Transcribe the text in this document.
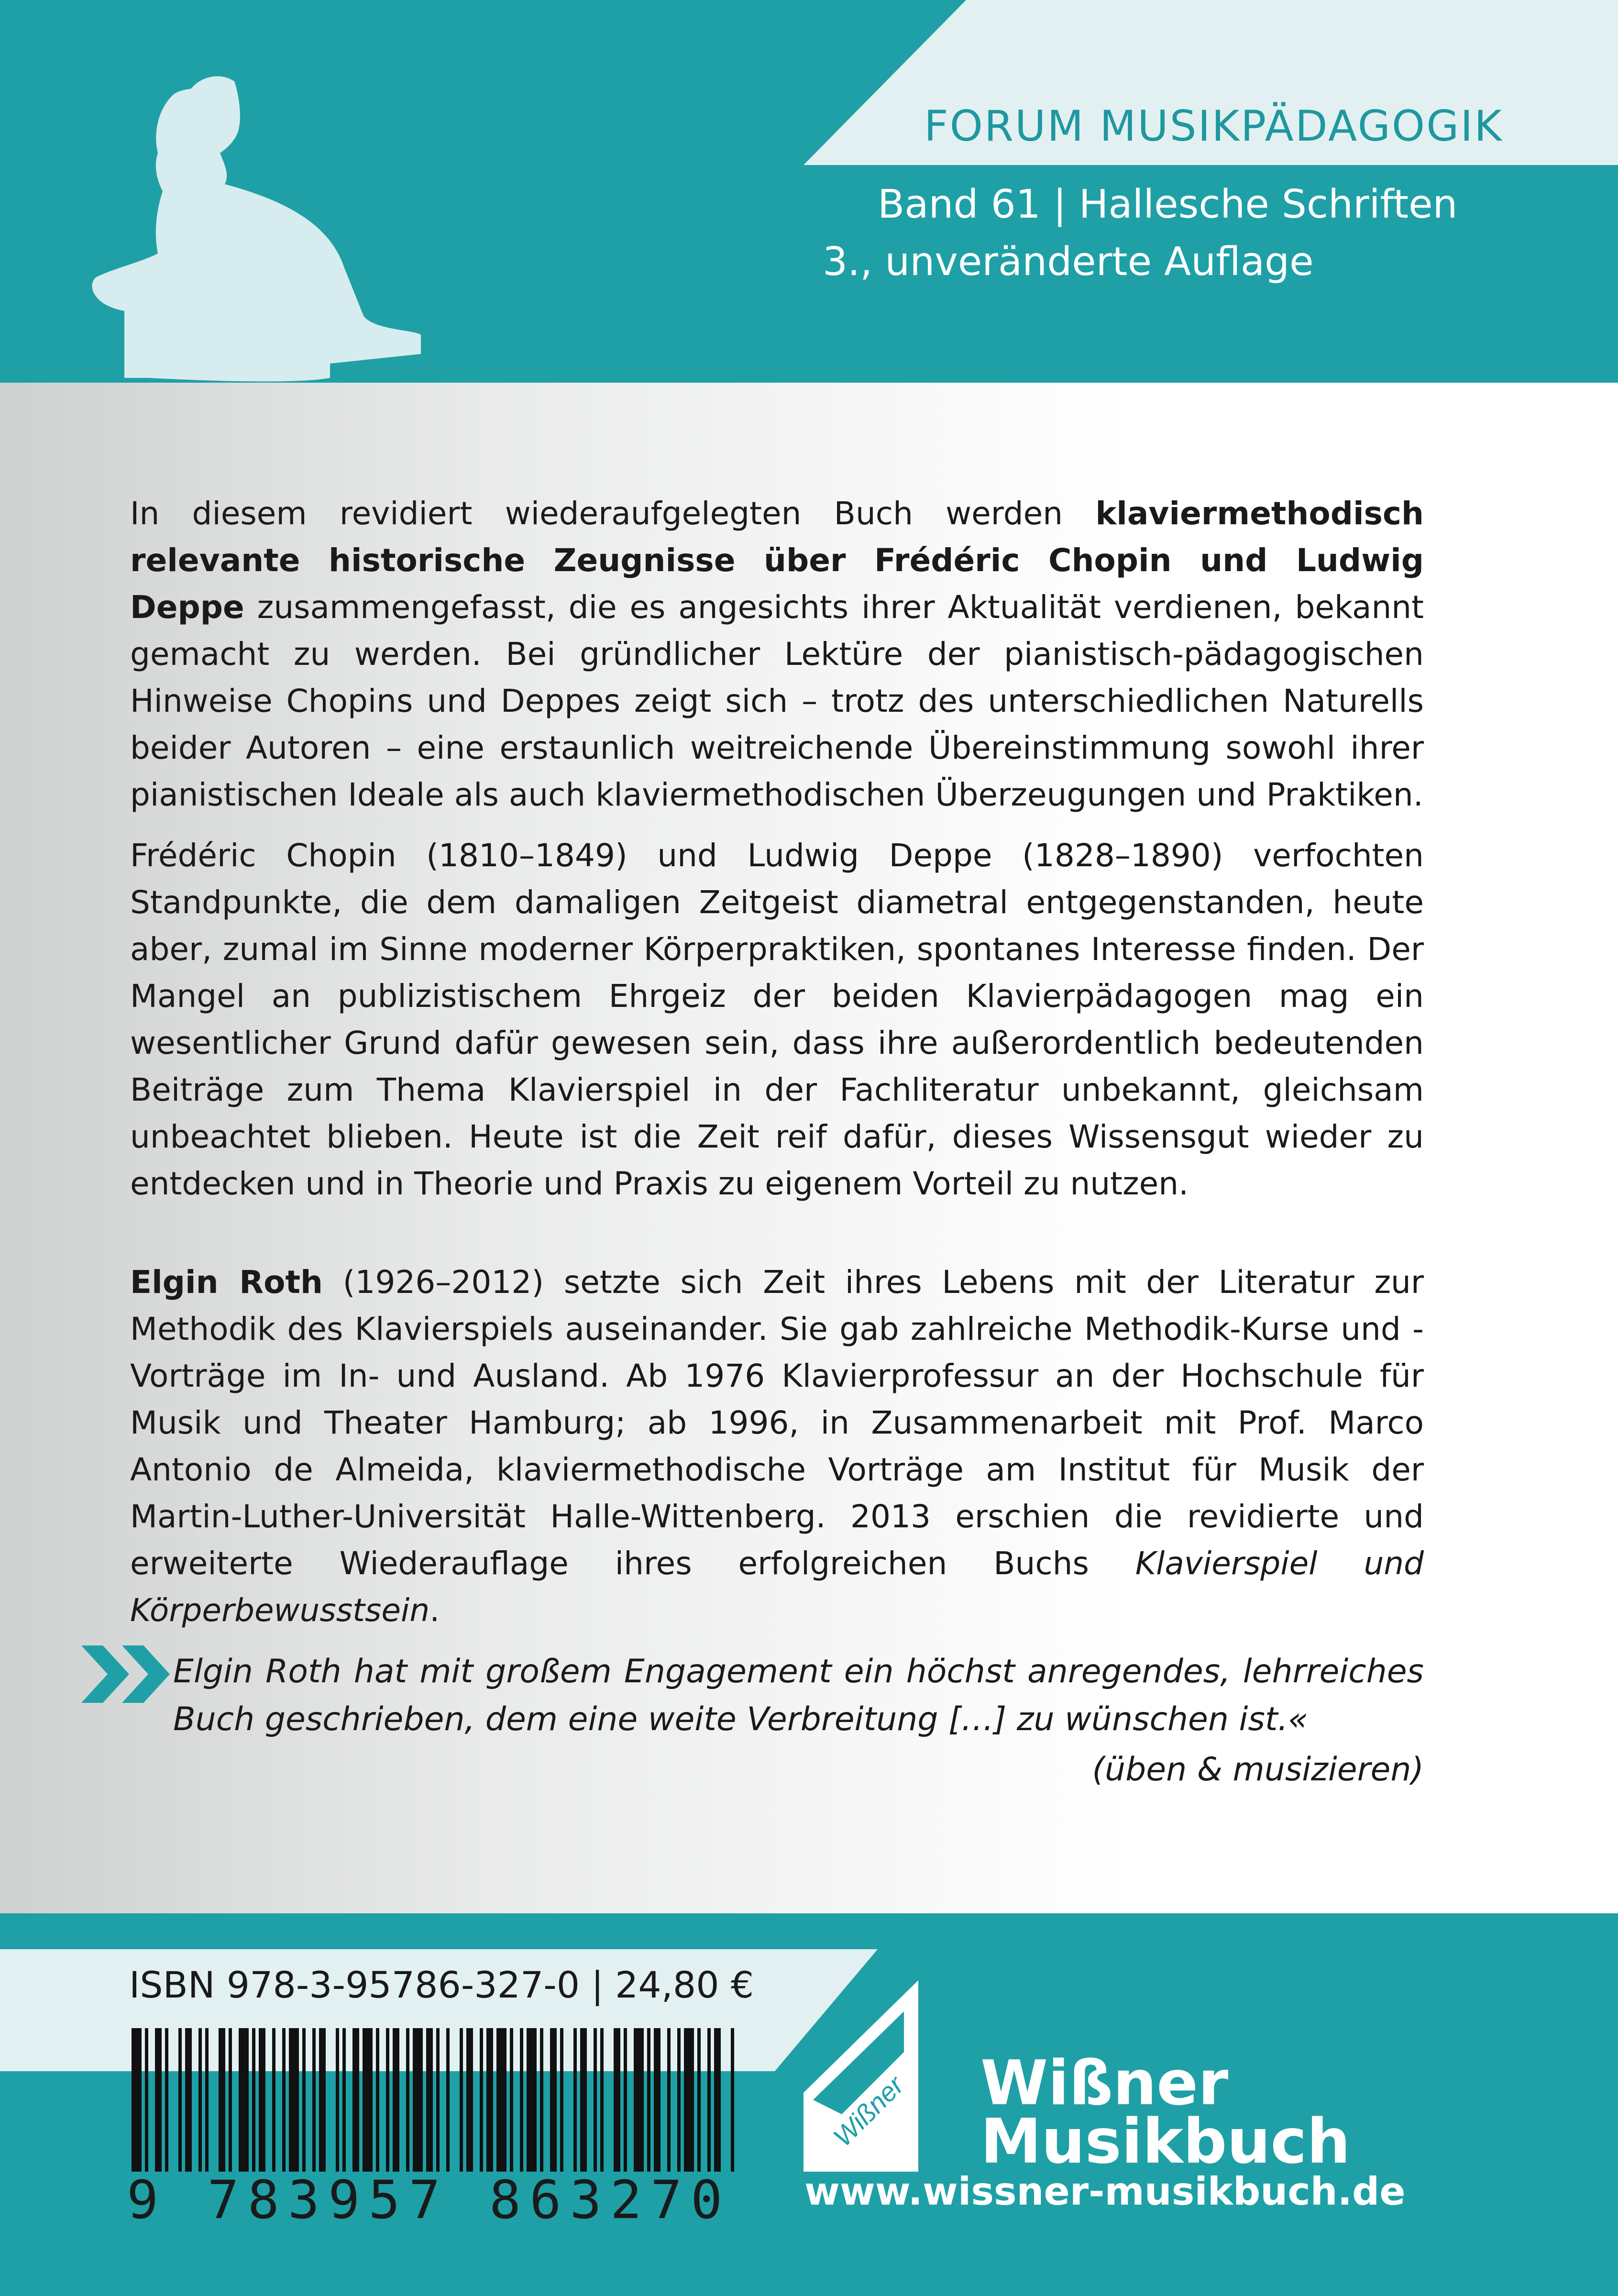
FORUM MUSIKPÄDAGOGIK
Band 61 | Hallesche Schriften
3., unveränderte Auflage

In diesem revidiert wiederaufgelegten Buch werden klaviermethodisch relevante historische Zeugnisse über Frédéric Chopin und Ludwig Deppe zusammengefasst, die es angesichts ihrer Aktualität verdienen, bekannt gemacht zu werden. Bei gründlicher Lektüre der pianistisch-pädagogischen Hinweise Chopins und Deppes zeigt sich – trotz des unterschiedlichen Naturells beider Autoren – eine erstaunlich weitreichende Übereinstimmung sowohl ihrer pianistischen Ideale als auch klaviermethodischen Überzeugungen und Praktiken.

Frédéric Chopin (1810–1849) und Ludwig Deppe (1828–1890) verfochten Standpunkte, die dem damaligen Zeitgeist diametral entgegenstanden, heute aber, zumal im Sinne moderner Körperpraktiken, spontanes Interesse finden. Der Mangel an publizistischem Ehrgeiz der beiden Klavierpädagogen mag ein wesentlicher Grund dafür gewesen sein, dass ihre außerordentlich bedeutenden Beiträge zum Thema Klavierspiel in der Fachliteratur unbekannt, gleichsam unbeachtet blieben. Heute ist die Zeit reif dafür, dieses Wissensgut wieder zu entdecken und in Theorie und Praxis zu eigenem Vorteil zu nutzen.

Elgin Roth (1926–2012) setzte sich Zeit ihres Lebens mit der Literatur zur Methodik des Klavierspiels auseinander. Sie gab zahlreiche Methodik-Kurse und -Vorträge im In- und Ausland. Ab 1976 Klavierprofessur an der Hochschule für Musik und Theater Hamburg; ab 1996, in Zusammenarbeit mit Prof. Marco Antonio de Almeida, klaviermethodische Vorträge am Institut für Musik der Martin-Luther-Universität Halle-Wittenberg. 2013 erschien die revidierte und erweiterte Wiederauflage ihres erfolgreichen Buchs Klavierspiel und Körperbewusstsein.

Elgin Roth hat mit großem Engagement ein höchst anregendes, lehrreiches Buch geschrieben, dem eine weite Verbreitung […] zu wünschen ist.«
(üben & musizieren)
ISBN 978-3-95786-327-0 | 24,80 €
9 783957 863270
Wißner
Musikbuch
Wißner
www.wissner-musikbuch.de
